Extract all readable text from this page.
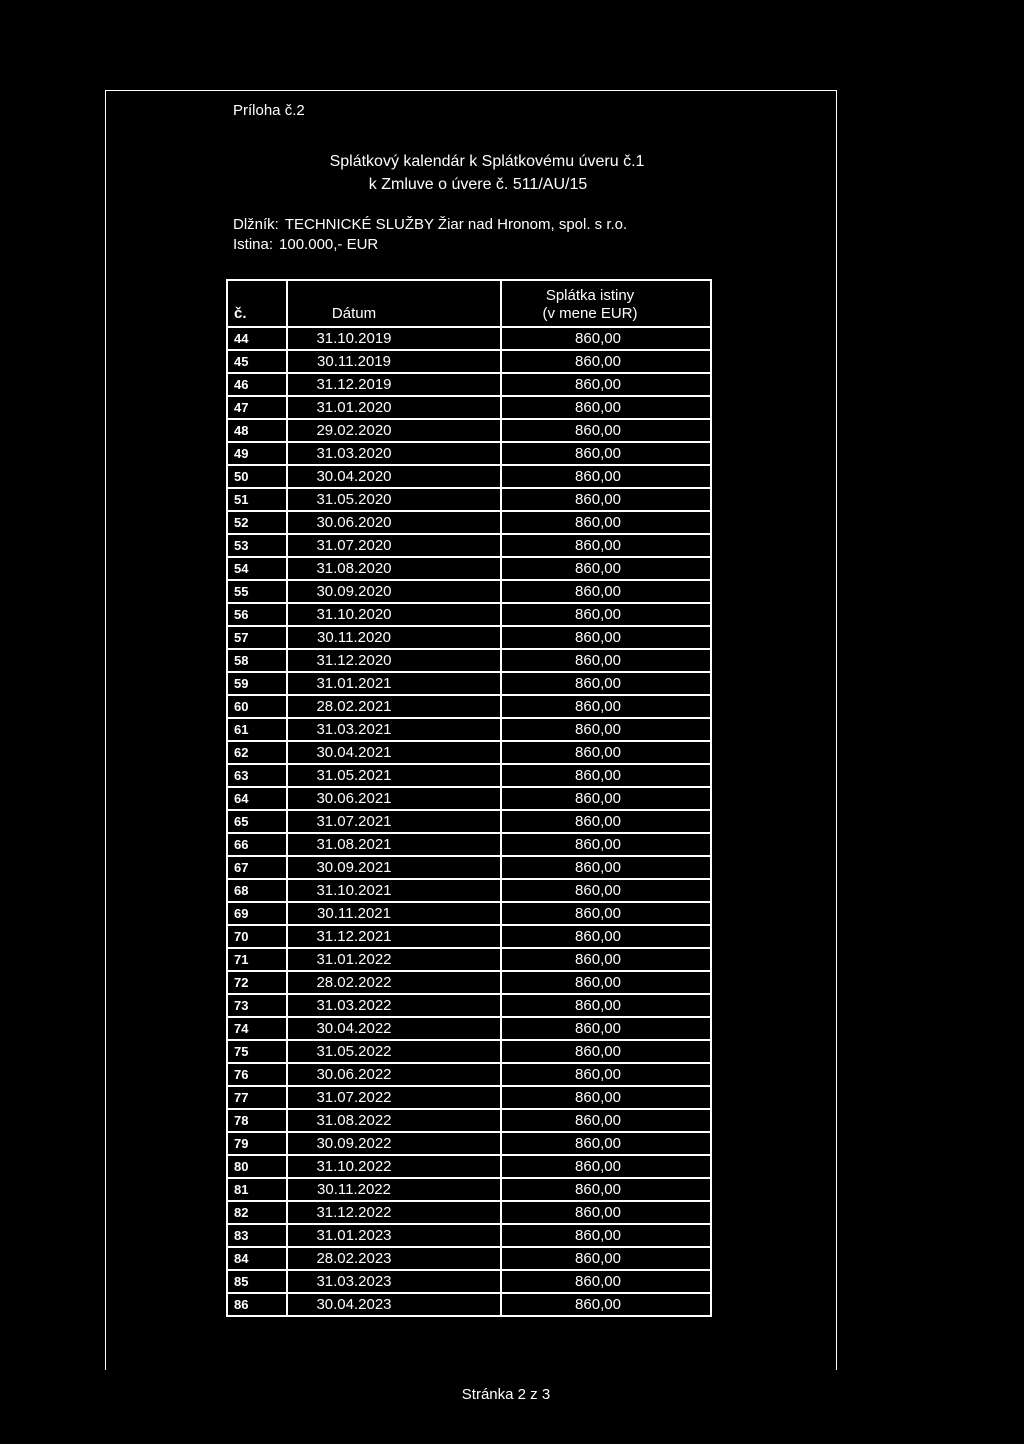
Príloha č.2
Splátkový kalendár k Splátkovému úveru č.1
k Zmluve o úvere č. 511/AU/15
Dlžník: TECHNICKÉ SLUŽBY Žiar nad Hronom, spol. s r.o.
Istina: 100.000,- EUR
č.	Dátum	Splátka istiny
(v mene EUR)
44	31.10.2019	860,00
45	30.11.2019	860,00
46	31.12.2019	860,00
47	31.01.2020	860,00
48	29.02.2020	860,00
49	31.03.2020	860,00
50	30.04.2020	860,00
51	31.05.2020	860,00
52	30.06.2020	860,00
53	31.07.2020	860,00
54	31.08.2020	860,00
55	30.09.2020	860,00
56	31.10.2020	860,00
57	30.11.2020	860,00
58	31.12.2020	860,00
59	31.01.2021	860,00
60	28.02.2021	860,00
61	31.03.2021	860,00
62	30.04.2021	860,00
63	31.05.2021	860,00
64	30.06.2021	860,00
65	31.07.2021	860,00
66	31.08.2021	860,00
67	30.09.2021	860,00
68	31.10.2021	860,00
69	30.11.2021	860,00
70	31.12.2021	860,00
71	31.01.2022	860,00
72	28.02.2022	860,00
73	31.03.2022	860,00
74	30.04.2022	860,00
75	31.05.2022	860,00
76	30.06.2022	860,00
77	31.07.2022	860,00
78	31.08.2022	860,00
79	30.09.2022	860,00
80	31.10.2022	860,00
81	30.11.2022	860,00
82	31.12.2022	860,00
83	31.01.2023	860,00
84	28.02.2023	860,00
85	31.03.2023	860,00
86	30.04.2023	860,00
Stránka 2 z 3
